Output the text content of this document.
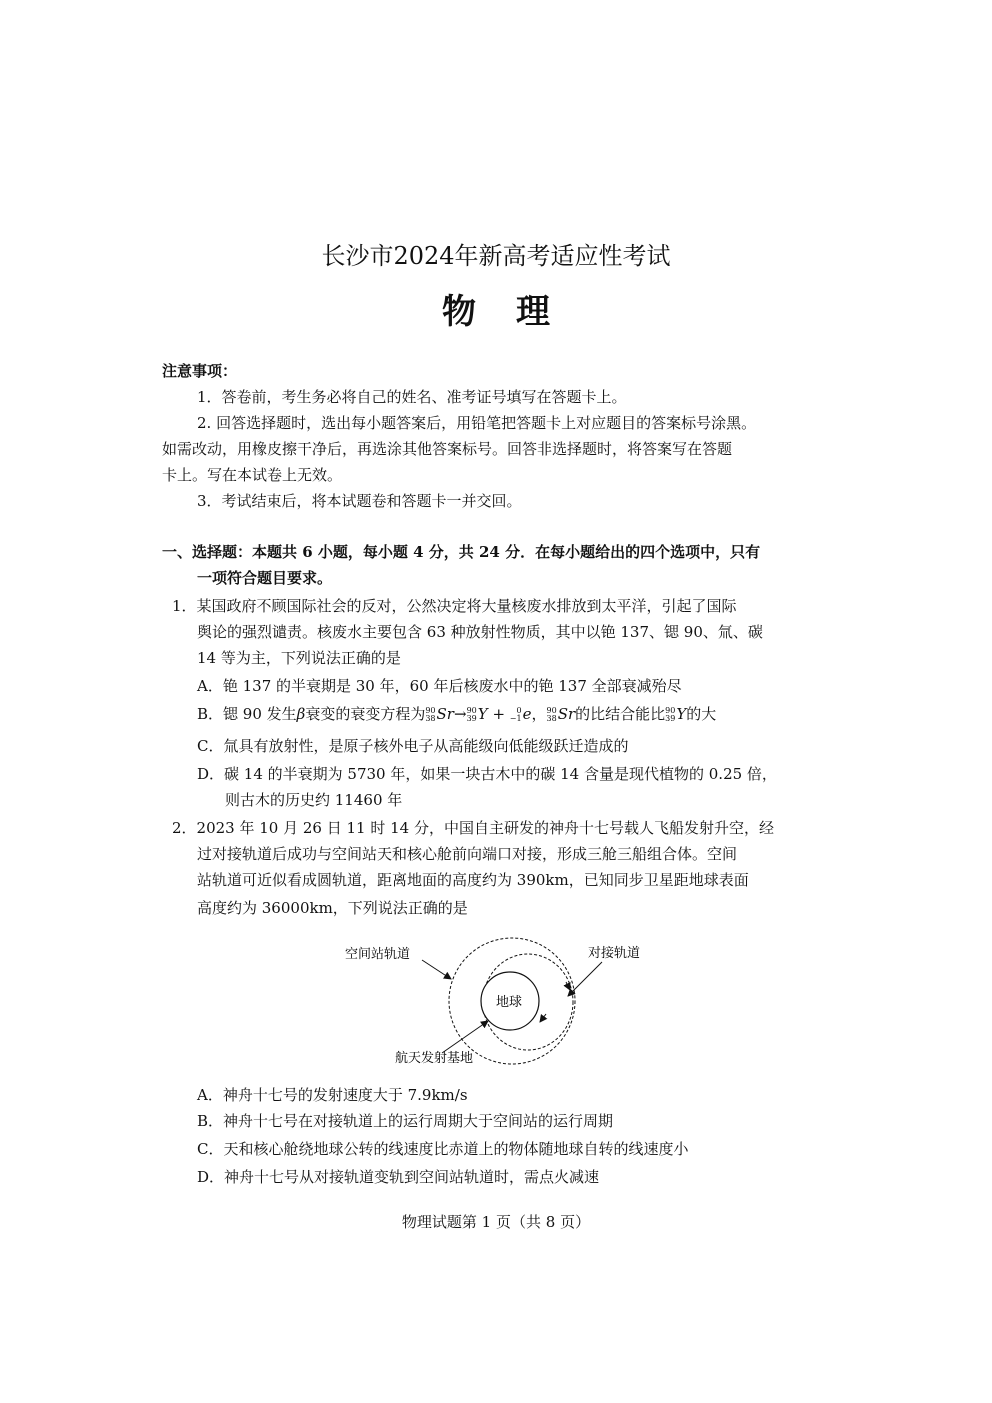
长沙市2024年新高考适应性考试
物理
注意事项：
1．答卷前，考生务必将自己的姓名、准考证号填写在答题卡上。
2. 回答选择题时，选出每小题答案后，用铅笔把答题卡上对应题目的答案标号涂黑。
如需改动，用橡皮擦干净后，再选涂其他答案标号。回答非选择题时，将答案写在答题
卡上。写在本试卷上无效。
3．考试结束后，将本试题卷和答题卡一并交回。
一、选择题：本题共 6 小题，每小题 4 分，共 24 分．在每小题给出的四个选项中，只有
一项符合题目要求。
1．某国政府不顾国际社会的反对，公然决定将大量核废水排放到太平洋，引起了国际
舆论的强烈谴责。核废水主要包含 63 种放射性物质，其中以铯 137、锶 90、氚、碳
14 等为主，下列说法正确的是
A．铯 137 的半衰期是 30 年，60 年后核废水中的铯 137 全部衰减殆尽
B．锶 90 发生β衰变的衰变方程为90
38Sr→90
39Y + 0
−1e，90
38Sr的比结合能比90
39Y的大
C．氚具有放射性，是原子核外电子从高能级向低能级跃迁造成的
D．碳 14 的半衰期为 5730 年，如果一块古木中的碳 14 含量是现代植物的 0.25 倍，
则古木的历史约 11460 年
2．2023 年 10 月 26 日 11 时 14 分，中国自主研发的神舟十七号载人飞船发射升空，经
过对接轨道后成功与空间站天和核心舱前向端口对接，形成三舱三船组合体。空间
站轨道可近似看成圆轨道，距离地面的高度约为 390km，已知同步卫星距地球表面
高度约为 36000km，下列说法正确的是
空间站轨道	对接轨道
地球
航天发射基地
A．神舟十七号的发射速度大于 7.9km/s
B．神舟十七号在对接轨道上的运行周期大于空间站的运行周期
C．天和核心舱绕地球公转的线速度比赤道上的物体随地球自转的线速度小
D．神舟十七号从对接轨道变轨到空间站轨道时，需点火减速
物理试题第 1 页（共 8 页）
